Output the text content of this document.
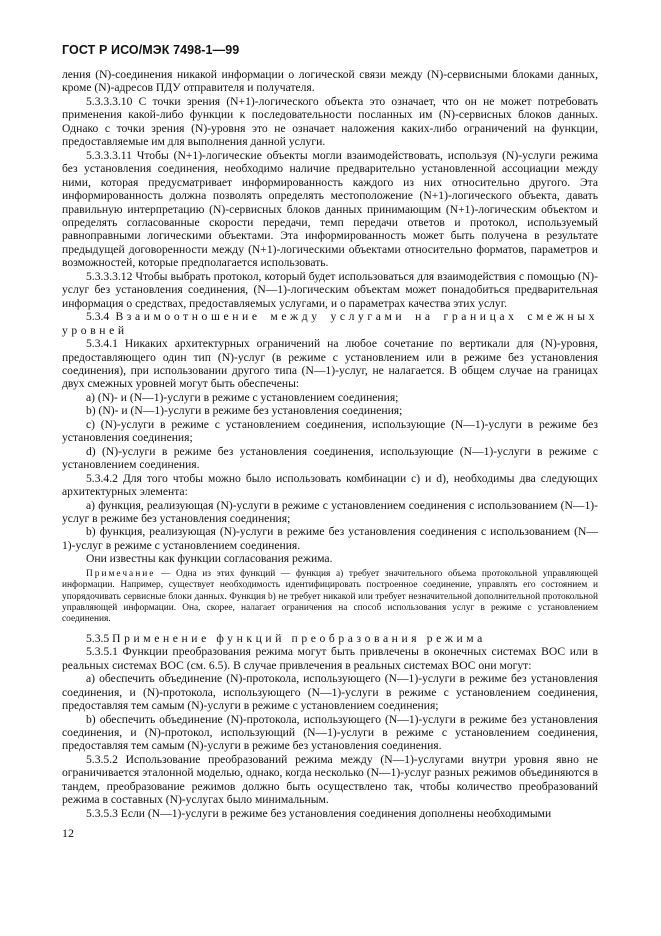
ГОСТ Р ИСО/МЭК 7498-1—99

ления (N)-соединения никакой информации о логической связи между (N)-сервисными блоками данных, кроме (N)-адресов ПДУ отправителя и получателя.

5.3.3.3.10 С точки зрения (N+1)-логического объекта это означает, что он не может потребовать применения какой-либо функции к последовательности посланных им (N)-сервисных блоков данных. Однако с точки зрения (N)-уровня это не означает наложения каких-либо ограничений на функции, предоставляемые им для выполнения данной услуги.

5.3.3.3.11 Чтобы (N+1)-логические объекты могли взаимодействовать, используя (N)-услуги режима без установления соединения, необходимо наличие предварительно установленной ассоциации между ними, которая предусматривает информированность каждого из них относительно другого. Эта информированность должна позволять определять местоположение (N+1)-логического объекта, давать правильную интерпретацию (N)-сервисных блоков данных принимающим (N+1)-логическим объектом и определять согласованные скорости передачи, темп передачи ответов и протокол, используемый равноправными логическими объектами. Эта информированность может быть получена в результате предыдущей договоренности между (N+1)-логическими объектами относительно форматов, параметров и возможностей, которые предполагается использовать.

5.3.3.3.12 Чтобы выбрать протокол, который будет использоваться для взаимодействия с помощью (N)-услуг без установления соединения, (N—1)-логическим объектам может понадобиться предварительная информация о средствах, предоставляемых услугами, и о параметрах качества этих услуг.

5.3.4 Взаимоотношение между услугами на границах смежных уровней

5.3.4.1 Никаких архитектурных ограничений на любое сочетание по вертикали для (N)-уровня, предоставляющего один тип (N)-услуг (в режиме с установлением или в режиме без установления соединения), при использовании другого типа (N—1)-услуг, не налагается. В общем случае на границах двух смежных уровней могут быть обеспечены:

a) (N)- и (N—1)-услуги в режиме с установлением соединения;

b) (N)- и (N—1)-услуги в режиме без установления соединения;

c) (N)-услуги в режиме с установлением соединения, использующие (N—1)-услуги в режиме без установления соединения;

d) (N)-услуги в режиме без установления соединения, использующие (N—1)-услуги в режиме с установлением соединения.

5.3.4.2 Для того чтобы можно было использовать комбинации c) и d), необходимы два следующих архитектурных элемента:

a) функция, реализующая (N)-услуги в режиме с установлением соединения с использованием (N—1)-услуг в режиме без установления соединения;

b) функция, реализующая (N)-услуги в режиме без установления соединения с использованием (N—1)-услуг в режиме с установлением соединения.

Они известны как функции согласования режима.

Примечание — Одна из этих функций — функция a) требует значительного объема протокольной управляющей информации. Например, существует необходимость идентифицировать построенное соединение, управлять его состоянием и упорядочивать сервисные блоки данных. Функция b) не требует никакой или требует незначительной дополнительной протокольной управляющей информации. Она, скорее, налагает ограничения на способ использования услуг в режиме с установлением соединения.

5.3.5 Применение функций преобразования режима

5.3.5.1 Функции преобразования режима могут быть привлечены в оконечных системах ВОС или в реальных системах ВОС (см. 6.5). В случае привлечения в реальных системах ВОС они могут:

a) обеспечить объединение (N)-протокола, использующего (N—1)-услуги в режиме без установления соединения, и (N)-протокола, использующего (N—1)-услуги в режиме с установлением соединения, предоставляя тем самым (N)-услуги в режиме с установлением соединения;

b) обеспечить объединение (N)-протокола, использующего (N—1)-услуги в режиме без установления соединения, и (N)-протокол, использующий (N—1)-услуги в режиме с установлением соединения, предоставляя тем самым (N)-услуги в режиме без установления соединения.

5.3.5.2 Использование преобразований режима между (N—1)-услугами внутри уровня явно не ограничивается эталонной моделью, однако, когда несколько (N—1)-услуг разных режимов объединяются в тандем, преобразование режимов должно быть осуществлено так, чтобы количество преобразований режима в составных (N)-услугах было минимальным.

5.3.5.3 Если (N—1)-услуги в режиме без установления соединения дополнены необходимыми

12
